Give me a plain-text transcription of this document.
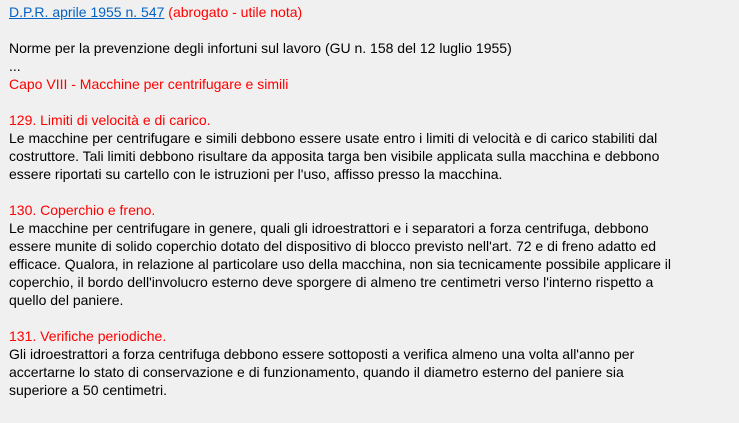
D.P.R. aprile 1955 n. 547 (abrogato - utile nota)
Norme per la prevenzione degli infortuni sul lavoro (GU n. 158 del 12 luglio 1955)
...
Capo VIII - Macchine per centrifugare e simili
129. Limiti di velocità e di carico.
Le macchine per centrifugare e simili debbono essere usate entro i limiti di velocità e di carico stabiliti dal
costruttore. Tali limiti debbono risultare da apposita targa ben visibile applicata sulla macchina e debbono
essere riportati su cartello con le istruzioni per l'uso, affisso presso la macchina.
130. Coperchio e freno.
Le macchine per centrifugare in genere, quali gli idroestrattori e i separatori a forza centrifuga, debbono
essere munite di solido coperchio dotato del dispositivo di blocco previsto nell'art. 72 e di freno adatto ed
efficace. Qualora, in relazione al particolare uso della macchina, non sia tecnicamente possibile applicare il
coperchio, il bordo dell'involucro esterno deve sporgere di almeno tre centimetri verso l'interno rispetto a
quello del paniere.
131. Verifiche periodiche.
Gli idroestrattori a forza centrifuga debbono essere sottoposti a verifica almeno una volta all'anno per
accertarne lo stato di conservazione e di funzionamento, quando il diametro esterno del paniere sia
superiore a 50 centimetri.
